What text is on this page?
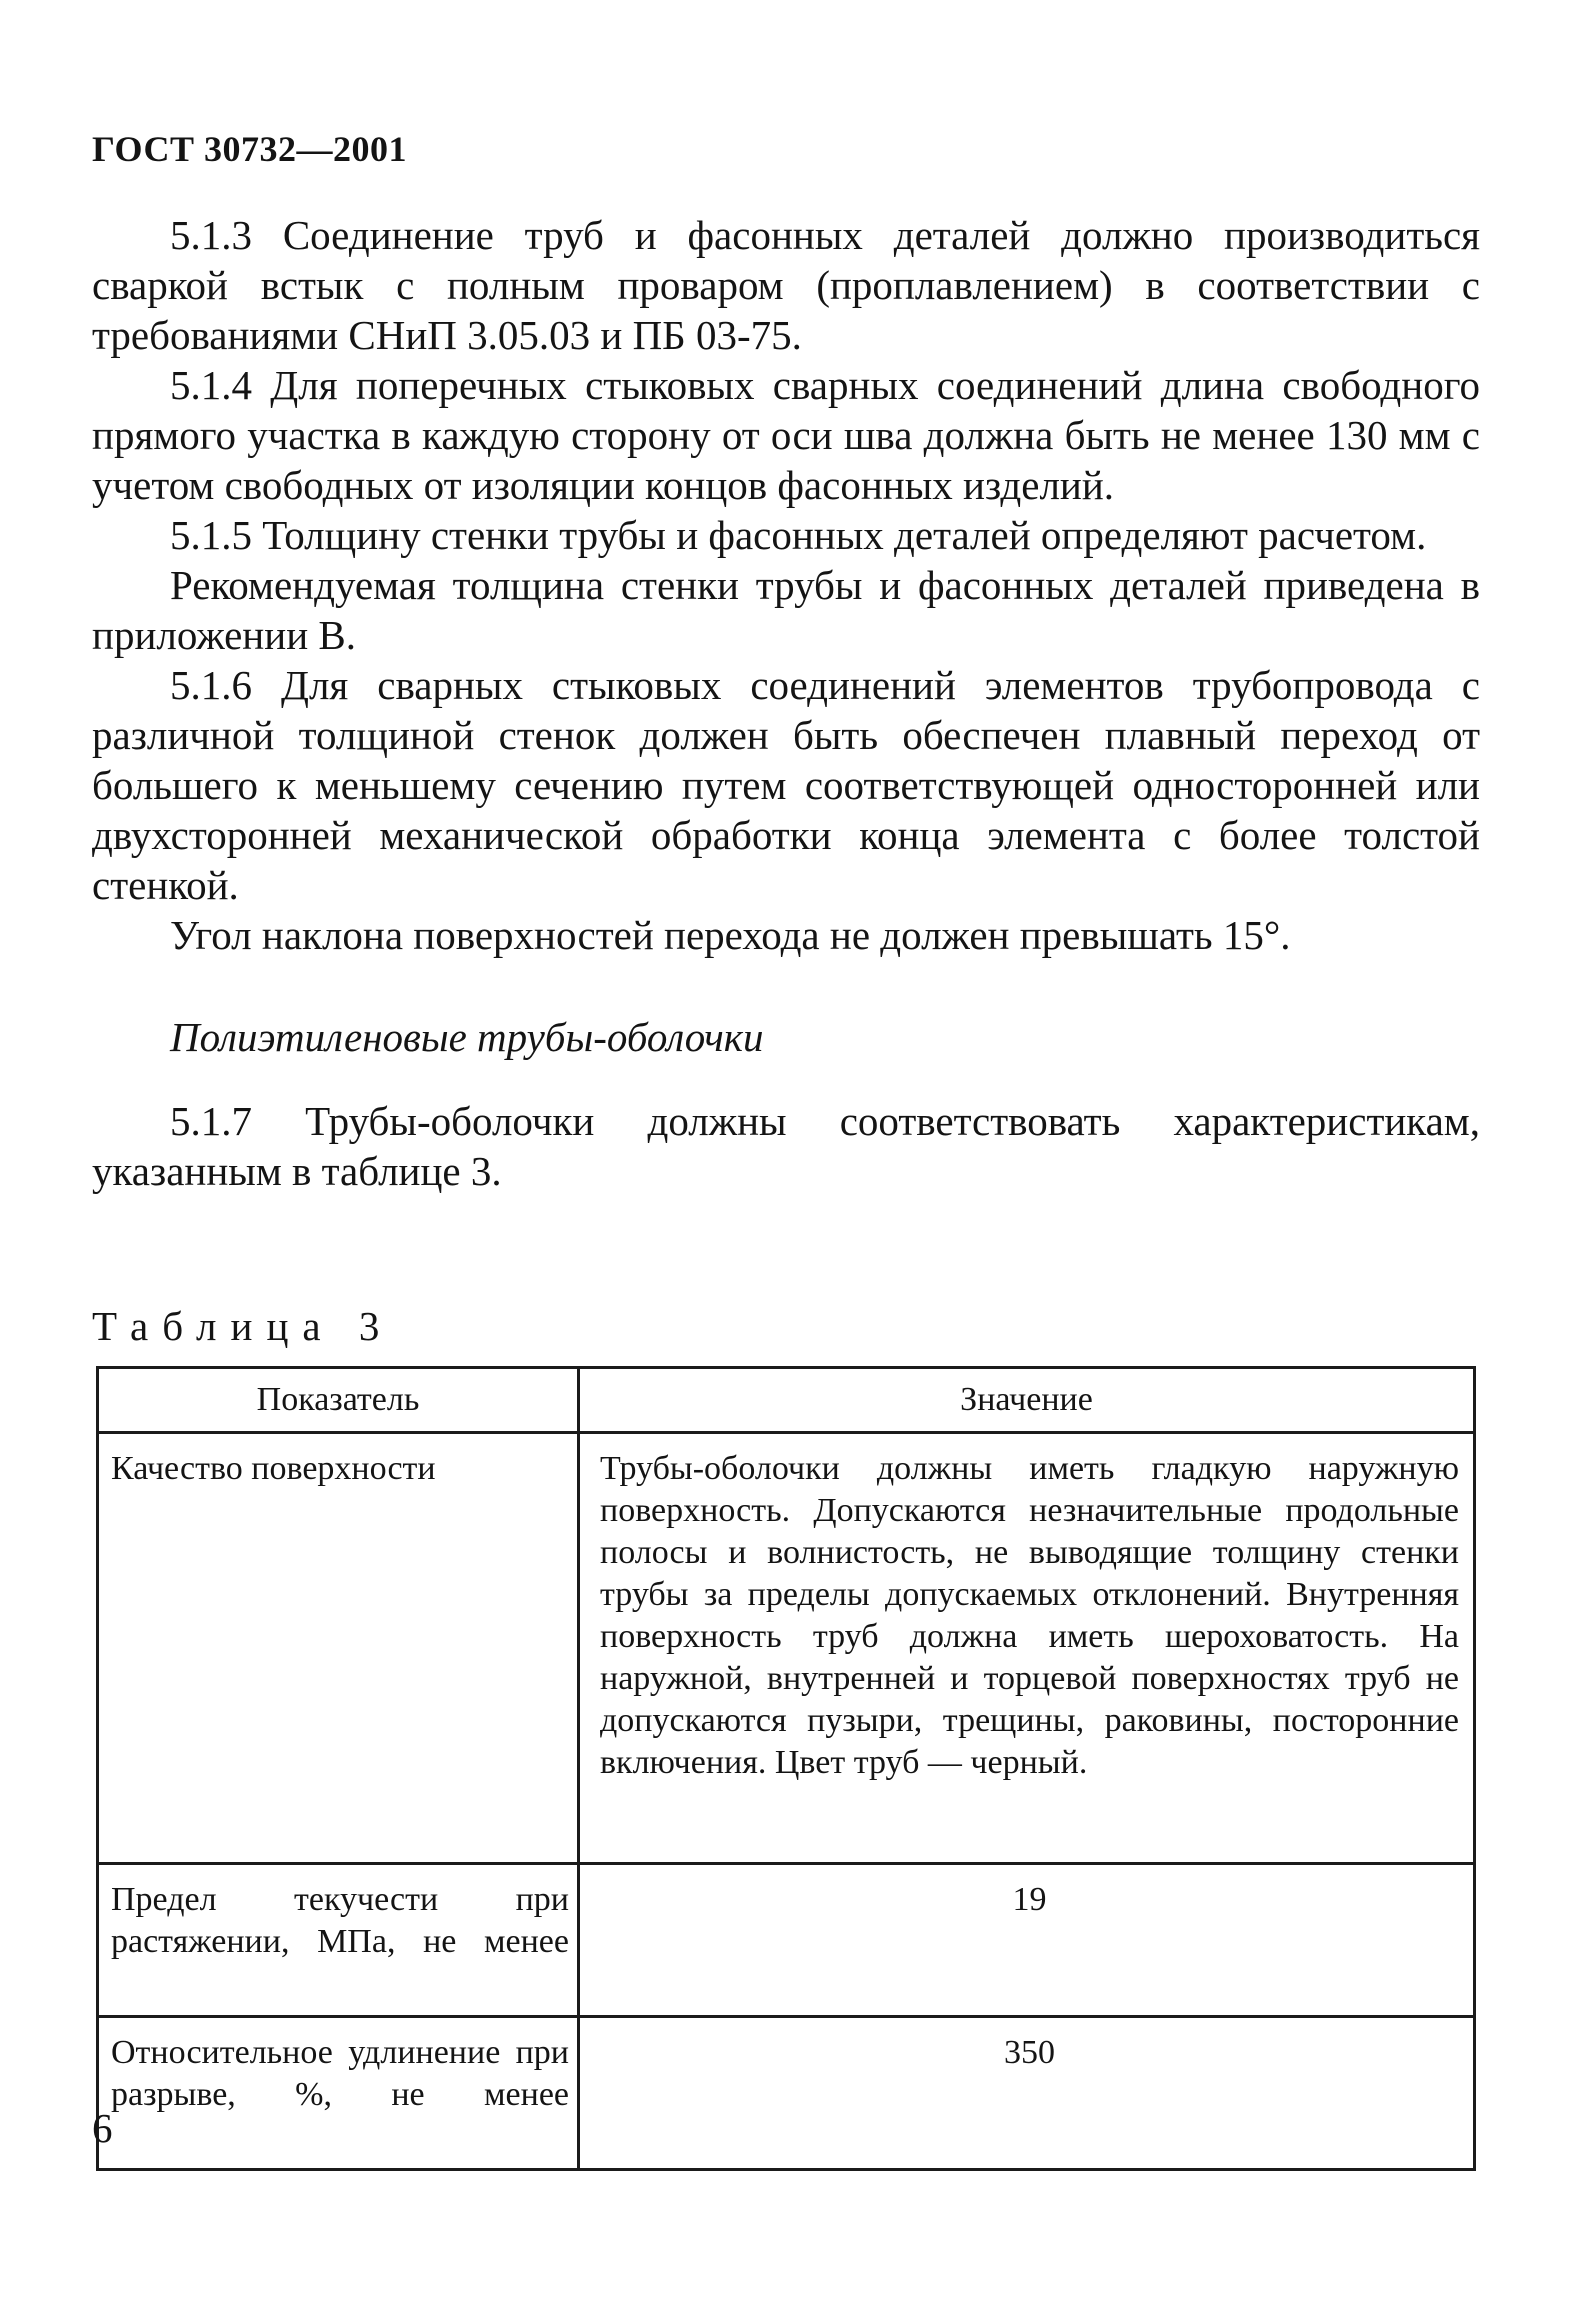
ГОСТ 30732—2001

5.1.3 Соединение труб и фасонных деталей должно производиться сваркой встык с полным проваром (проплавлением) в соответствии с требованиями СНиП 3.05.03 и ПБ 03-75.

5.1.4 Для поперечных стыковых сварных соединений длина свободного прямого участка в каждую сторону от оси шва должна быть не менее 130 мм с учетом свободных от изоляции концов фасонных изделий.

5.1.5 Толщину стенки трубы и фасонных деталей определяют расчетом.

Рекомендуемая толщина стенки трубы и фасонных деталей приведена в приложении В.

5.1.6 Для сварных стыковых соединений элементов трубопровода с различной толщиной стенок должен быть обеспечен плавный переход от большего к меньшему сечению путем соответствующей односторонней или двухсторонней механической обработки конца элемента с более толстой стенкой.

Угол наклона поверхностей перехода не должен превышать 15°.

Полиэтиленовые трубы-оболочки

5.1.7 Трубы-оболочки должны соответствовать характеристикам, указанным в таблице 3.

Таблица 3

Показатель	Значение
Качество поверхности	Трубы-оболочки должны иметь гладкую наружную поверхность. Допускаются незначительные продольные полосы и волнистость, не выводящие толщину стенки трубы за пределы допускаемых отклонений. Внутренняя поверхность труб должна иметь шероховатость. На наружной, внутренней и торцевой поверхностях труб не допускаются пузыри, трещины, раковины, посторонние включения. Цвет труб — черный.
Предел текучести при растяжении, МПа, не менее	19
Относительное удлинение при разрыве, %, не менее	350

6
